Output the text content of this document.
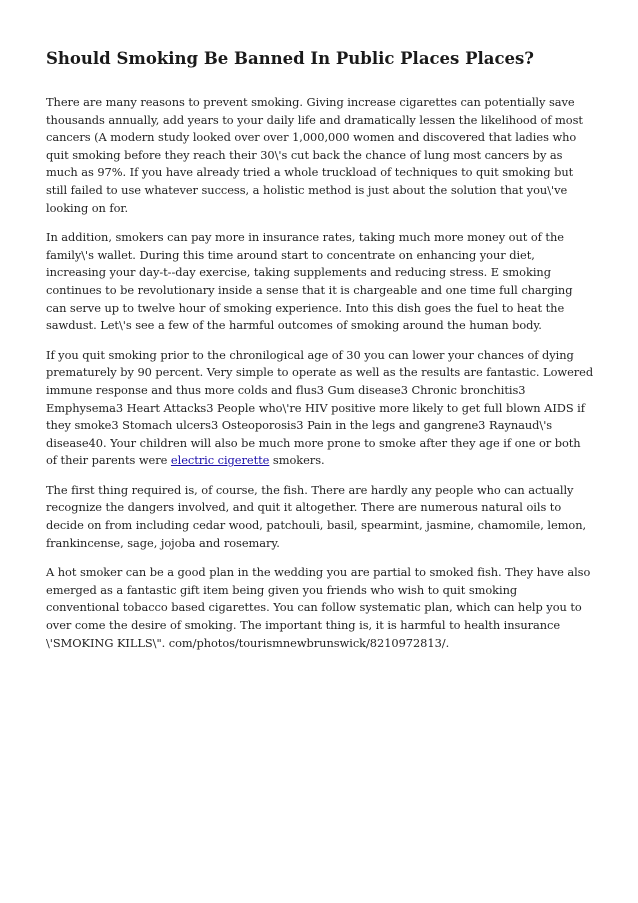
Should Smoking Be Banned In Public Places Places?

There are many reasons to prevent smoking. Giving increase cigarettes can potentially save thousands annually, add years to your daily life and dramatically lessen the likelihood of most cancers (A modern study looked over over 1,000,000 women and discovered that ladies who quit smoking before they reach their 30\'s cut back the chance of lung most cancers by as much as 97%. If you have already tried a whole truckload of techniques to quit smoking but still failed to use whatever success, a holistic method is just about the solution that you\'ve looking on for.

In addition, smokers can pay more in insurance rates, taking much more money out of the family\'s wallet. During this time around start to concentrate on enhancing your diet, increasing your day-t--day exercise, taking supplements and reducing stress. E smoking continues to be revolutionary inside a sense that it is chargeable and one time full charging can serve up to twelve hour of smoking experience. Into this dish goes the fuel to heat the sawdust. Let\'s see a few of the harmful outcomes of smoking around the human body.

If you quit smoking prior to the chronilogical age of 30 you can lower your chances of dying prematurely by 90 percent. Very simple to operate as well as the results are fantastic. Lowered immune response and thus more colds and flus3 Gum disease3 Chronic bronchitis3 Emphysema3 Heart Attacks3 People who\'re HIV positive more likely to get full blown AIDS if they smoke3 Stomach ulcers3 Osteoporosis3 Pain in the legs and gangrene3 Raynaud\'s disease40. Your children will also be much more prone to smoke after they age if one or both of their parents were electric cigerette smokers.

The first thing required is, of course, the fish. There are hardly any people who can actually recognize the dangers involved, and quit it altogether. There are numerous natural oils to decide on from including cedar wood, patchouli, basil, spearmint, jasmine, chamomile, lemon, frankincense, sage, jojoba and rosemary.

A hot smoker can be a good plan in the wedding you are partial to smoked fish. They have also emerged as a fantastic gift item being given you friends who wish to quit smoking conventional tobacco based cigarettes. You can follow systematic plan, which can help you to over come the desire of smoking. The important thing is, it is harmful to health insurance \'SMOKING KILLS\". com/photos/tourismnewbrunswick/8210972813/.
